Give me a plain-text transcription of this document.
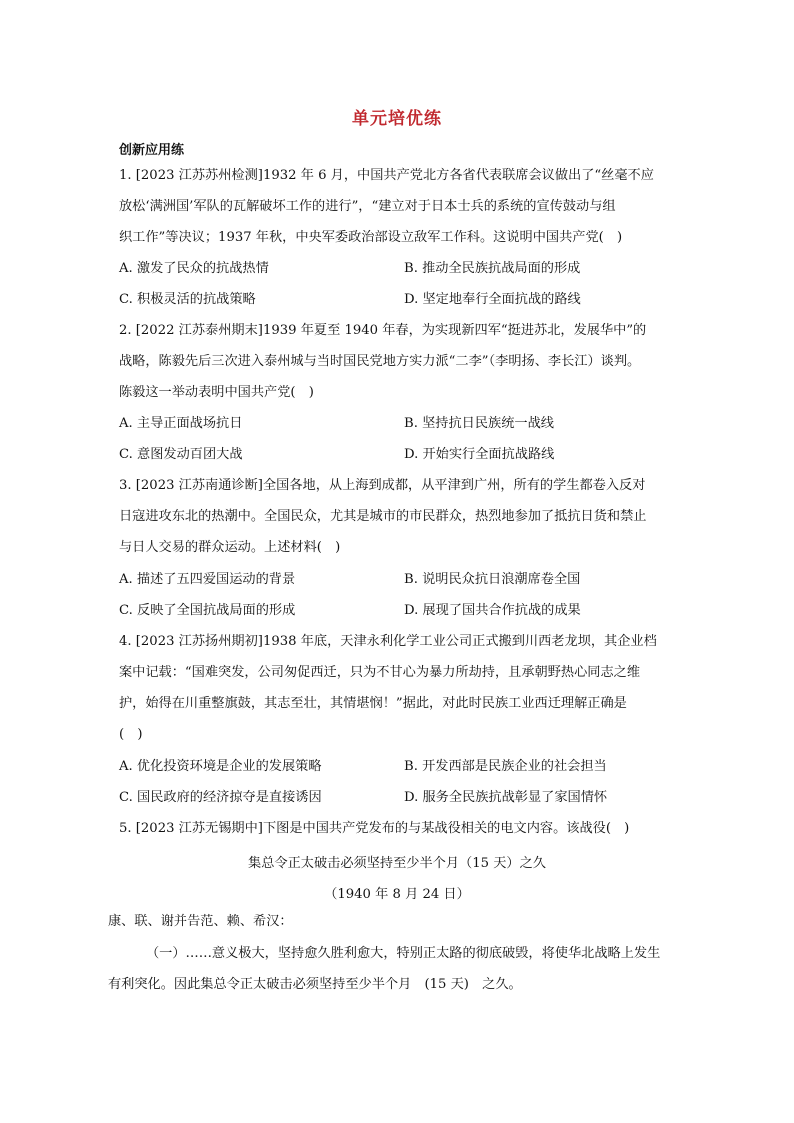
单元培优练
创新应用练
1. [2023 江苏苏州检测]1932 年 6 月，中国共产党北方各省代表联席会议做出了“丝毫不应
放松‘满洲国’军队的瓦解破坏工作的进行”，“建立对于日本士兵的系统的宣传鼓动与组
织工作”等决议；1937 年秋，中央军委政治部设立敌军工作科。这说明中国共产党(　)
A. 激发了民众的抗战热情	B. 推动全民族抗战局面的形成
C. 积极灵活的抗战策略	D. 坚定地奉行全面抗战的路线
2. [2022 江苏泰州期末]1939 年夏至 1940 年春，为实现新四军“挺进苏北，发展华中”的
战略，陈毅先后三次进入泰州城与当时国民党地方实力派“二李”（李明扬、李长江）谈判。
陈毅这一举动表明中国共产党(　)
A. 主导正面战场抗日	B. 坚持抗日民族统一战线
C. 意图发动百团大战	D. 开始实行全面抗战路线
3. [2023 江苏南通诊断]全国各地，从上海到成都，从平津到广州，所有的学生都卷入反对
日寇进攻东北的热潮中。全国民众，尤其是城市的市民群众，热烈地参加了抵抗日货和禁止
与日人交易的群众运动。上述材料(　)
A. 描述了五四爱国运动的背景	B. 说明民众抗日浪潮席卷全国
C. 反映了全国抗战局面的形成	D. 展现了国共合作抗战的成果
4. [2023 江苏扬州期初]1938 年底，天津永利化学工业公司正式搬到川西老龙坝，其企业档
案中记载：“国难突发，公司匆促西迁，只为不甘心为暴力所劫持，且承朝野热心同志之维
护，始得在川重整旗鼓，其志至壮，其情堪悯！”据此，对此时民族工业西迁理解正确是
(　)
A. 优化投资环境是企业的发展策略	B. 开发西部是民族企业的社会担当
C. 国民政府的经济掠夺是直接诱因	D. 服务全民族抗战彰显了家国情怀
5. [2023 江苏无锡期中]下图是中国共产党发布的与某战役相关的电文内容。该战役(　)
集总令正太破击必须坚持至少半个月（15 天）之久
（1940 年 8 月 24 日）
康、联、谢并告范、赖、希汉：
（一）……意义极大，坚持愈久胜利愈大，特别正太路的彻底破毁，将使华北战略上发生
有利突化。因此集总令正太破击必须坚持至少半个月　(15 天)　之久。
